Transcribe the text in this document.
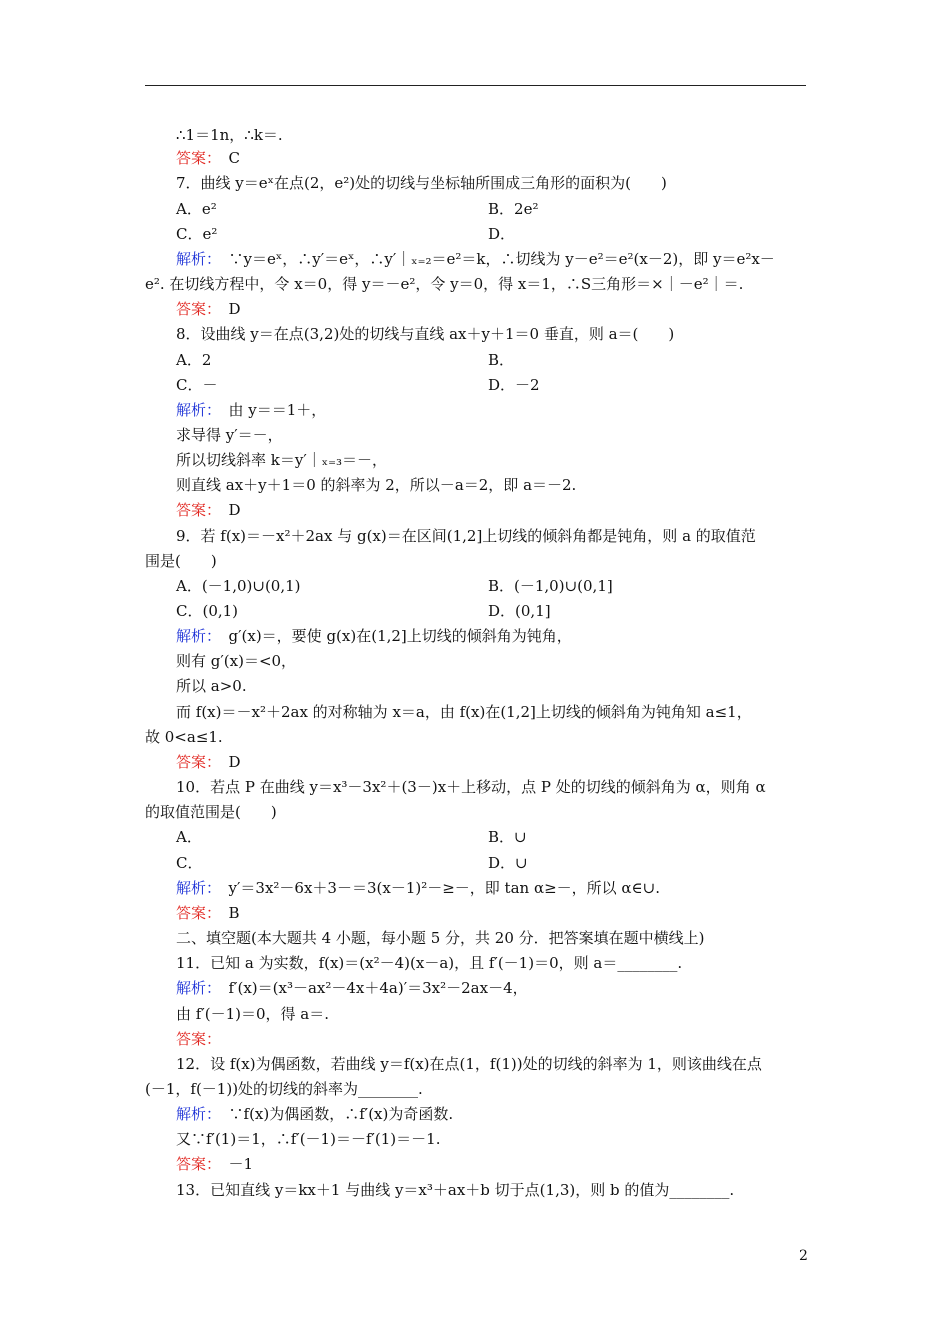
∴1＝1n，∴k＝.
答案：　C
7．曲线 y＝eˣ在点(2，e²)处的切线与坐标轴所围成三角形的面积为(　　)
A．e²	B．2e²
C．e²	D．
解析：　∵y＝eˣ，∴y′＝eˣ，∴y′｜ₓ₌₂＝e²＝k，∴切线为 y－e²＝e²(x－2)，即 y＝e²x－
e². 在切线方程中，令 x＝0，得 y＝－e²，令 y＝0，得 x＝1，∴S三角形＝×｜－e²｜＝.
答案：　D
8．设曲线 y＝在点(3,2)处的切线与直线 ax＋y＋1＝0 垂直，则 a＝(　　)
A．2	B．
C．－	D．－2
解析：　由 y＝＝1＋，
求导得 y′＝－，
所以切线斜率 k＝y′｜ₓ₌₃＝－，
则直线 ax＋y＋1＝0 的斜率为 2，所以－a＝2，即 a＝－2.
答案：　D
9．若 f(x)＝－x²＋2ax 与 g(x)＝在区间(1,2]上切线的倾斜角都是钝角，则 a 的取值范
围是(　　)
A．(－1,0)∪(0,1)	B．(－1,0)∪(0,1]
C．(0,1)	D．(0,1]
解析：　g′(x)＝，要使 g(x)在(1,2]上切线的倾斜角为钝角，
则有 g′(x)＝<0，
所以 a>0.
而 f(x)＝－x²＋2ax 的对称轴为 x＝a，由 f(x)在(1,2]上切线的倾斜角为钝角知 a≤1，
故 0<a≤1.
答案：　D
10．若点 P 在曲线 y＝x³－3x²＋(3－)x＋上移动，点 P 处的切线的倾斜角为 α，则角 α
的取值范围是(　　)
A．	B．∪
C．	D．∪
解析：　y′＝3x²－6x＋3－＝3(x－1)²－≥－，即 tan α≥－，所以 α∈∪.
答案：　B
二、填空题(本大题共 4 小题，每小题 5 分，共 20 分．把答案填在题中横线上)
11．已知 a 为实数，f(x)＝(x²－4)(x－a)，且 f′(－1)＝0，则 a＝________.
解析：　f′(x)＝(x³－ax²－4x＋4a)′＝3x²－2ax－4，
由 f′(－1)＝0，得 a＝.
答案：
12．设 f(x)为偶函数，若曲线 y＝f(x)在点(1，f(1))处的切线的斜率为 1，则该曲线在点
(－1，f(－1))处的切线的斜率为________.
解析：　∵f(x)为偶函数，∴f′(x)为奇函数.
又∵f′(1)＝1，∴f′(－1)＝－f′(1)＝－1.
答案：　－1
13．已知直线 y＝kx＋1 与曲线 y＝x³＋ax＋b 切于点(1,3)，则 b 的值为________.
2
